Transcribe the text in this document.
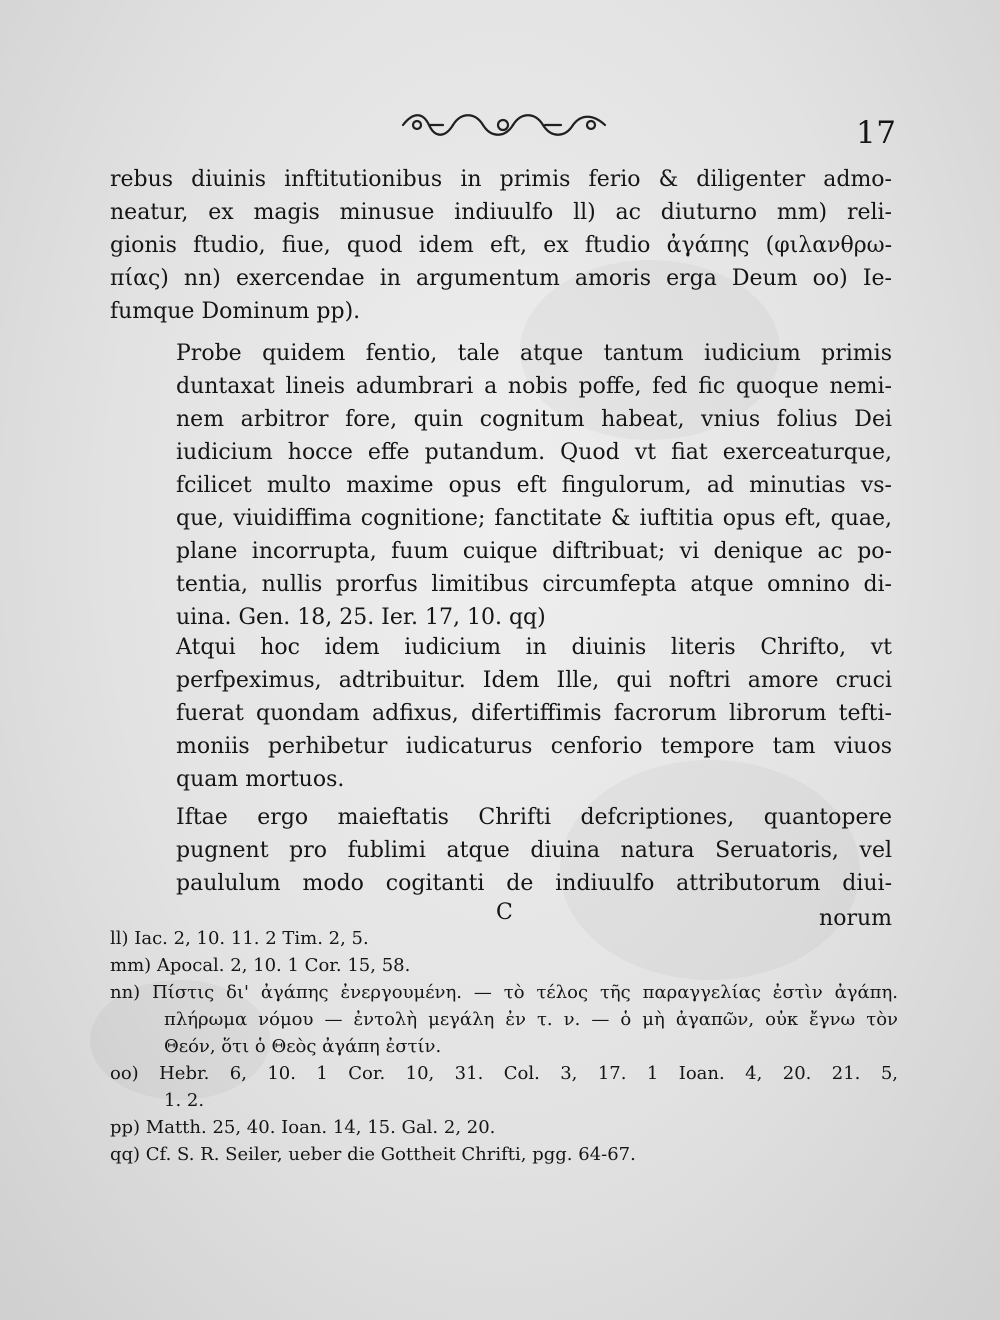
17

rebus diuinis inftitutionibus in primis ferio & diligenter admo-
neatur, ex magis minusue indiuulfo ll) ac diuturno mm) reli-
gionis ftudio, fiue, quod idem eft, ex ftudio ἀγάπης (φιλανθρω-
πίας) nn) exercendae in argumentum amoris erga Deum oo) Ie-
fumque Dominum pp).

Probe quidem fentio, tale atque tantum iudicium primis
duntaxat lineis adumbrari a nobis poffe, fed fic quoque nemi-
nem arbitror fore, quin cognitum habeat, vnius folius Dei
iudicium hocce effe putandum. Quod vt fiat exerceaturque,
fcilicet multo maxime opus eft fingulorum, ad minutias vs-
que, viuidiffima cognitione; fanctitate & iuftitia opus eft, quae,
plane incorrupta, fuum cuique diftribuat; vi denique ac po-
tentia, nullis prorfus limitibus circumfepta atque omnino di-
uina. Gen. 18, 25. Ier. 17, 10. qq)

Atqui hoc idem iudicium in diuinis literis Chrifto, vt
perfpeximus, adtribuitur. Idem Ille, qui noftri amore cruci
fuerat quondam adfixus, difertiffimis facrorum librorum tefti-
moniis perhibetur iudicaturus cenforio tempore tam viuos
quam mortuos.

Iftae ergo maieftatis Chrifti defcriptiones, quantopere
pugnent pro fublimi atque diuina natura Seruatoris, vel
paululum modo cogitanti de indiuulfo attributorum diui-

C	norum
ll) Iac. 2, 10. 11. 2 Tim. 2, 5.
mm) Apocal. 2, 10. 1 Cor. 15, 58.
nn) Πίστις δι' ἀγάπης ἐνεργουμένη. — τὸ τέλος τῆς παραγγελίας ἐστὶν ἀγάπη.
πλήρωμα νόμου — ἐντολὴ μεγάλη ἐν τ. ν. — ὁ μὴ ἀγαπῶν, οὐκ ἔγνω τὸν
Θεόν, ὅτι ὁ Θεὸς ἀγάπη ἐστίν.
oo) Hebr. 6, 10. 1 Cor. 10, 31. Col. 3, 17. 1 Ioan. 4, 20. 21. 5,
1. 2.
pp) Matth. 25, 40. Ioan. 14, 15. Gal. 2, 20.
qq) Cf. S. R. Seiler, ueber die Gottheit Chrifti, pgg. 64-67.
